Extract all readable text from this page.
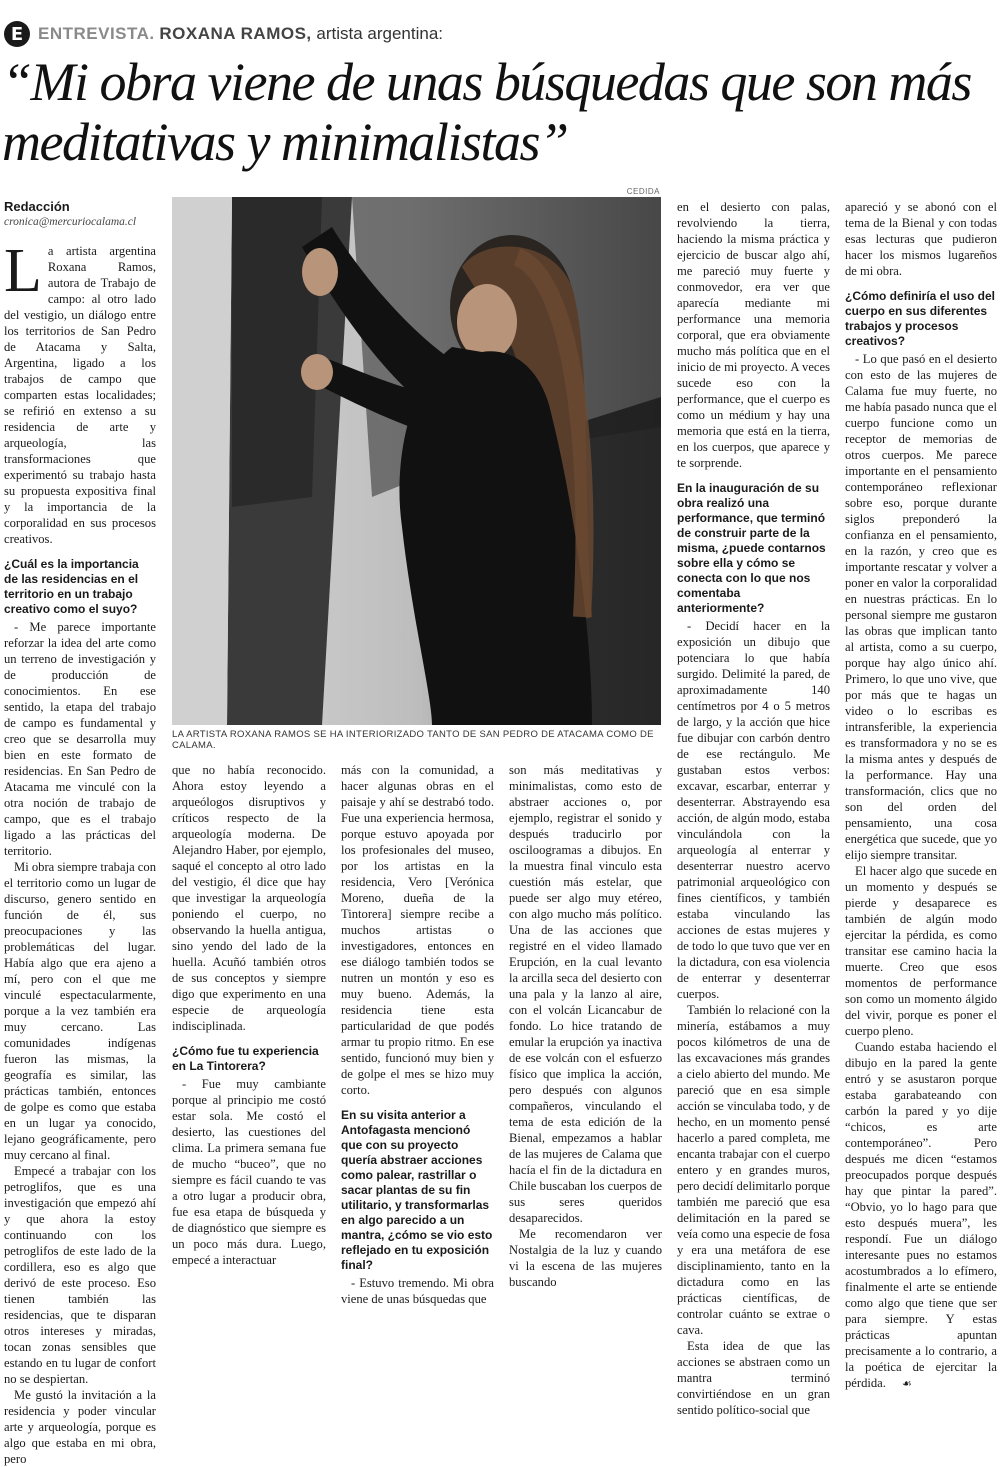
E ENTREVISTA. ROXANA RAMOS, artista argentina:
“Mi obra viene de unas búsquedas que son más meditativas y minimalistas”
Redacción
cronica@mercuriocalama.cl
CEDIDA
LA ARTISTA ROXANA RAMOS SE HA INTERIORIZADO TANTO DE SAN PEDRO DE ATACAMA COMO DE CALAMA.

La artista argentina Roxana Ramos, autora de Trabajo de campo: al otro lado del vestigio, un diálogo entre los territorios de San Pedro de Atacama y Salta, Argentina, ligado a los trabajos de campo que comparten estas localidades; se refirió en extenso a su residencia de arte y arqueología, las transformaciones que experimentó su trabajo hasta su propuesta expositiva final y la importancia de la corporalidad en sus procesos creativos.

¿Cuál es la importancia de las residencias en el territorio en un trabajo creativo como el suyo?

- Me parece importante reforzar la idea del arte como un terreno de investigación y de producción de conocimientos. En ese sentido, la etapa del trabajo de campo es fundamental y creo que se desarrolla muy bien en este formato de residencias. En San Pedro de Atacama me vinculé con la otra noción de trabajo de campo, que es el trabajo ligado a las prácticas del territorio.

Mi obra siempre trabaja con el territorio como un lugar de discurso, genero sentido en función de él, sus preocupaciones y las problemáticas del lugar. Había algo que era ajeno a mí, pero con el que me vinculé espectacularmente, porque a la vez también era muy cercano. Las comunidades indígenas fueron las mismas, la geografía es similar, las prácticas también, entonces de golpe es como que estaba en un lugar ya conocido, lejano geográficamente, pero muy cercano al final.

Empecé a trabajar con los petroglifos, que es una investigación que empezó ahí y que ahora la estoy continuando con los petroglifos de este lado de la cordillera, eso es algo que derivó de este proceso. Eso tienen también las residencias, que te disparan otros intereses y miradas, tocan zonas sensibles que estando en tu lugar de confort no se despiertan.

Me gustó la invitación a la residencia y poder vincular arte y arqueología, porque es algo que estaba en mi obra, pero

que no había reconocido. Ahora estoy leyendo a arqueólogos disruptivos y críticos respecto de la arqueología moderna. De Alejandro Haber, por ejemplo, saqué el concepto al otro lado del vestigio, él dice que hay que investigar la arqueología poniendo el cuerpo, no observando la huella antigua, sino yendo del lado de la huella. Acuñó también otros de sus conceptos y siempre digo que experimento en una especie de arqueología indisciplinada.

¿Cómo fue tu experiencia en La Tintorera?

- Fue muy cambiante porque al principio me costó estar sola. Me costó el desierto, las cuestiones del clima. La primera semana fue de mucho “buceo”, que no siempre es fácil cuando te vas a otro lugar a producir obra, fue esa etapa de búsqueda y de diagnóstico que siempre es un poco más dura. Luego, empecé a interactuar

más con la comunidad, a hacer algunas obras en el paisaje y ahí se destrabó todo. Fue una experiencia hermosa, porque estuvo apoyada por los profesionales del museo, por los artistas en la residencia, Vero [Verónica Moreno, dueña de la Tintorera] siempre recibe a muchos artistas o investigadores, entonces en ese diálogo también todos se nutren un montón y eso es muy bueno. Además, la residencia tiene esta particularidad de que podés armar tu propio ritmo. En ese sentido, funcionó muy bien y de golpe el mes se hizo muy corto.

En su visita anterior a Antofagasta mencionó que con su proyecto quería abstraer acciones como palear, rastrillar o sacar plantas de su fin utilitario, y transformarlas en algo parecido a un mantra, ¿cómo se vio esto reflejado en tu exposición final?

- Estuvo tremendo. Mi obra viene de unas búsquedas que

son más meditativas y minimalistas, como esto de abstraer acciones o, por ejemplo, registrar el sonido y después traducirlo por osciloogramas a dibujos. En la muestra final vinculo esta cuestión más estelar, que puede ser algo muy etéreo, con algo mucho más político. Una de las acciones que registré en el video llamado Erupción, en la cual levanto la arcilla seca del desierto con una pala y la lanzo al aire, con el volcán Licancabur de fondo. Lo hice tratando de emular la erupción ya inactiva de ese volcán con el esfuerzo físico que implica la acción, pero después con algunos compañeros, vinculando el tema de esta edición de la Bienal, empezamos a hablar de las mujeres de Calama que hacía el fin de la dictadura en Chile buscaban los cuerpos de sus seres queridos desaparecidos.

Me recomendaron ver Nostalgia de la luz y cuando vi la escena de las mujeres buscando

en el desierto con palas, revolviendo la tierra, haciendo la misma práctica y ejercicio de buscar algo ahí, me pareció muy fuerte y conmovedor, era ver que aparecía mediante mi performance una memoria corporal, que era obviamente mucho más política que en el inicio de mi proyecto. A veces sucede eso con la performance, que el cuerpo es como un médium y hay una memoria que está en la tierra, en los cuerpos, que aparece y te sorprende.

En la inauguración de su obra realizó una performance, que terminó de construir parte de la misma, ¿puede contarnos sobre ella y cómo se conecta con lo que nos comentaba anteriormente?

- Decidí hacer en la exposición un dibujo que potenciara lo que había surgido. Delimité la pared, de aproximadamente 140 centímetros por 4 o 5 metros de largo, y la acción que hice fue dibujar con carbón dentro de ese rectángulo. Me gustaban estos verbos: excavar, escarbar, enterrar y desenterrar. Abstrayendo esa acción, de algún modo, estaba vinculándola con la arqueología al enterrar y desenterrar nuestro acervo patrimonial arqueológico con fines científicos, y también estaba vinculando las acciones de estas mujeres y de todo lo que tuvo que ver en la dictadura, con esa violencia de enterrar y desenterrar cuerpos.

También lo relacioné con la minería, estábamos a muy pocos kilómetros de una de las excavaciones más grandes a cielo abierto del mundo. Me pareció que en esa simple acción se vinculaba todo, y de hecho, en un momento pensé hacerlo a pared completa, me encanta trabajar con el cuerpo entero y en grandes muros, pero decidí delimitarlo porque también me pareció que esa delimitación en la pared se veía como una especie de fosa y era una metáfora de ese disciplinamiento, tanto en la dictadura como en las prácticas científicas, de controlar cuánto se extrae o cava.

Esta idea de que las acciones se abstraen como un mantra terminó convirtiéndose en un gran sentido político-social que

apareció y se abonó con el tema de la Bienal y con todas esas lecturas que pudieron hacer los mismos lugareños de mi obra.

¿Cómo definiría el uso del cuerpo en sus diferentes trabajos y procesos creativos?

- Lo que pasó en el desierto con esto de las mujeres de Calama fue muy fuerte, no me había pasado nunca que el cuerpo funcione como un receptor de memorias de otros cuerpos. Me parece importante en el pensamiento contemporáneo reflexionar sobre eso, porque durante siglos preponderó la confianza en el pensamiento, en la razón, y creo que es importante rescatar y volver a poner en valor la corporalidad en nuestras prácticas. En lo personal siempre me gustaron las obras que implican tanto al artista, como a su cuerpo, porque hay algo único ahí. Primero, lo que uno vive, que por más que te hagas un video o lo escribas es intransferible, la experiencia es transformadora y no se es la misma antes y después de la performance. Hay una transformación, clics que no son del orden del pensamiento, una cosa energética que sucede, que yo elijo siempre transitar.

El hacer algo que sucede en un momento y después se pierde y desaparece es también de algún modo ejercitar la pérdida, es como transitar ese camino hacia la muerte. Creo que esos momentos de performance son como un momento álgido del vivir, porque es poner el cuerpo pleno.

Cuando estaba haciendo el dibujo en la pared la gente entró y se asustaron porque estaba garabateando con carbón la pared y yo dije “chicos, es arte contemporáneo”. Pero después me dicen “estamos preocupados porque después hay que pintar la pared”. “Obvio, yo lo hago para que esto después muera”, les respondí. Fue un diálogo interesante pues no estamos acostumbrados a lo efímero, finalmente el arte se entiende como algo que tiene que ser para siempre. Y estas prácticas apuntan precisamente a lo contrario, a la poética de ejercitar la pérdida. ☙
